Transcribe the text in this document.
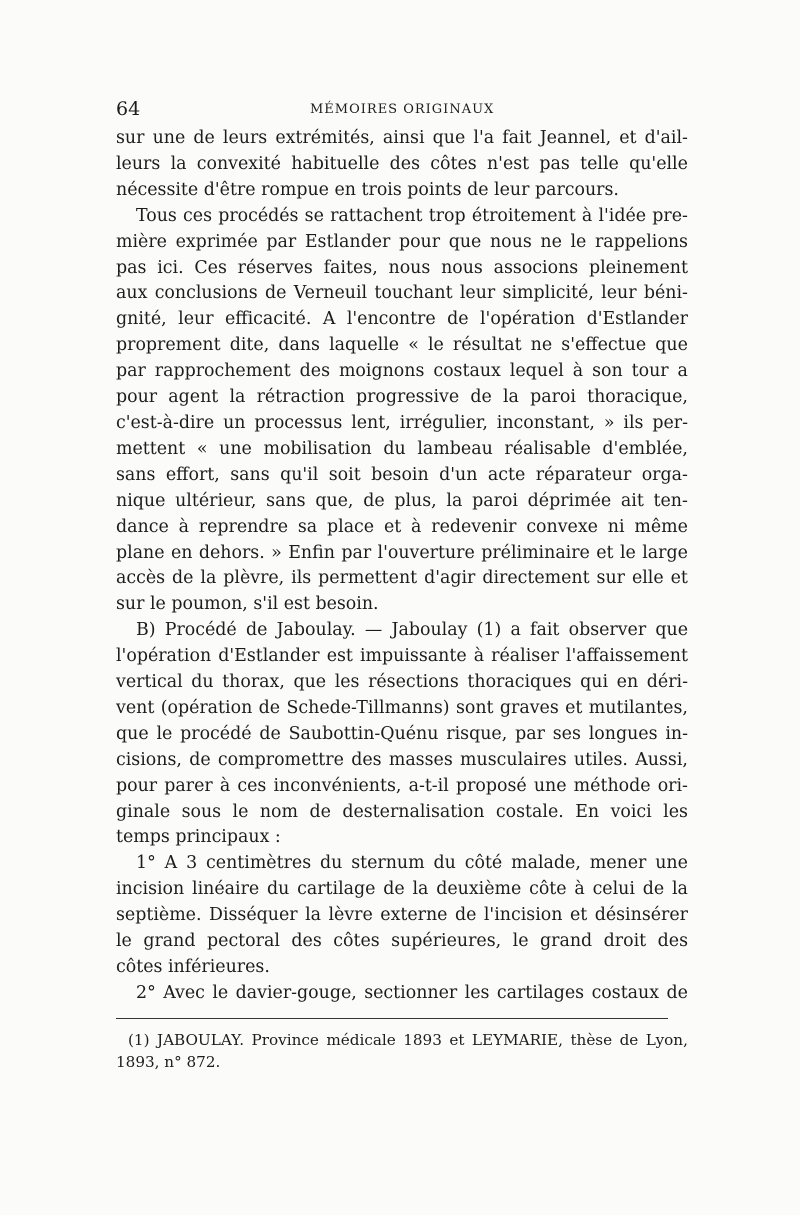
64	MÉMOIRES ORIGINAUX
sur une de leurs extrémités, ainsi que l'a fait Jeannel, et d'ail-
leurs la convexité habituelle des côtes n'est pas telle qu'elle
nécessite d'être rompue en trois points de leur parcours.
Tous ces procédés se rattachent trop étroitement à l'idée pre-
mière exprimée par Estlander pour que nous ne le rappelions
pas ici. Ces réserves faites, nous nous associons pleinement
aux conclusions de Verneuil touchant leur simplicité, leur béni-
gnité, leur efficacité. A l'encontre de l'opération d'Estlander
proprement dite, dans laquelle « le résultat ne s'effectue que
par rapprochement des moignons costaux lequel à son tour a
pour agent la rétraction progressive de la paroi thoracique,
c'est-à-dire un processus lent, irrégulier, inconstant, » ils per-
mettent « une mobilisation du lambeau réalisable d'emblée,
sans effort, sans qu'il soit besoin d'un acte réparateur orga-
nique ultérieur, sans que, de plus, la paroi déprimée ait ten-
dance à reprendre sa place et à redevenir convexe ni même
plane en dehors. » Enfin par l'ouverture préliminaire et le large
accès de la plèvre, ils permettent d'agir directement sur elle et
sur le poumon, s'il est besoin.
B) Procédé de Jaboulay. — Jaboulay (1) a fait observer que
l'opération d'Estlander est impuissante à réaliser l'affaissement
vertical du thorax, que les résections thoraciques qui en déri-
vent (opération de Schede-Tillmanns) sont graves et mutilantes,
que le procédé de Saubottin-Quénu risque, par ses longues in-
cisions, de compromettre des masses musculaires utiles. Aussi,
pour parer à ces inconvénients, a-t-il proposé une méthode ori-
ginale sous le nom de desternalisation costale. En voici les
temps principaux :
1° A 3 centimètres du sternum du côté malade, mener une
incision linéaire du cartilage de la deuxième côte à celui de la
septième. Disséquer la lèvre externe de l'incision et désinsérer
le grand pectoral des côtes supérieures, le grand droit des
côtes inférieures.
2° Avec le davier-gouge, sectionner les cartilages costaux de
(1) JABOULAY. Province médicale 1893 et LEYMARIE, thèse de Lyon,
1893, n° 872.
